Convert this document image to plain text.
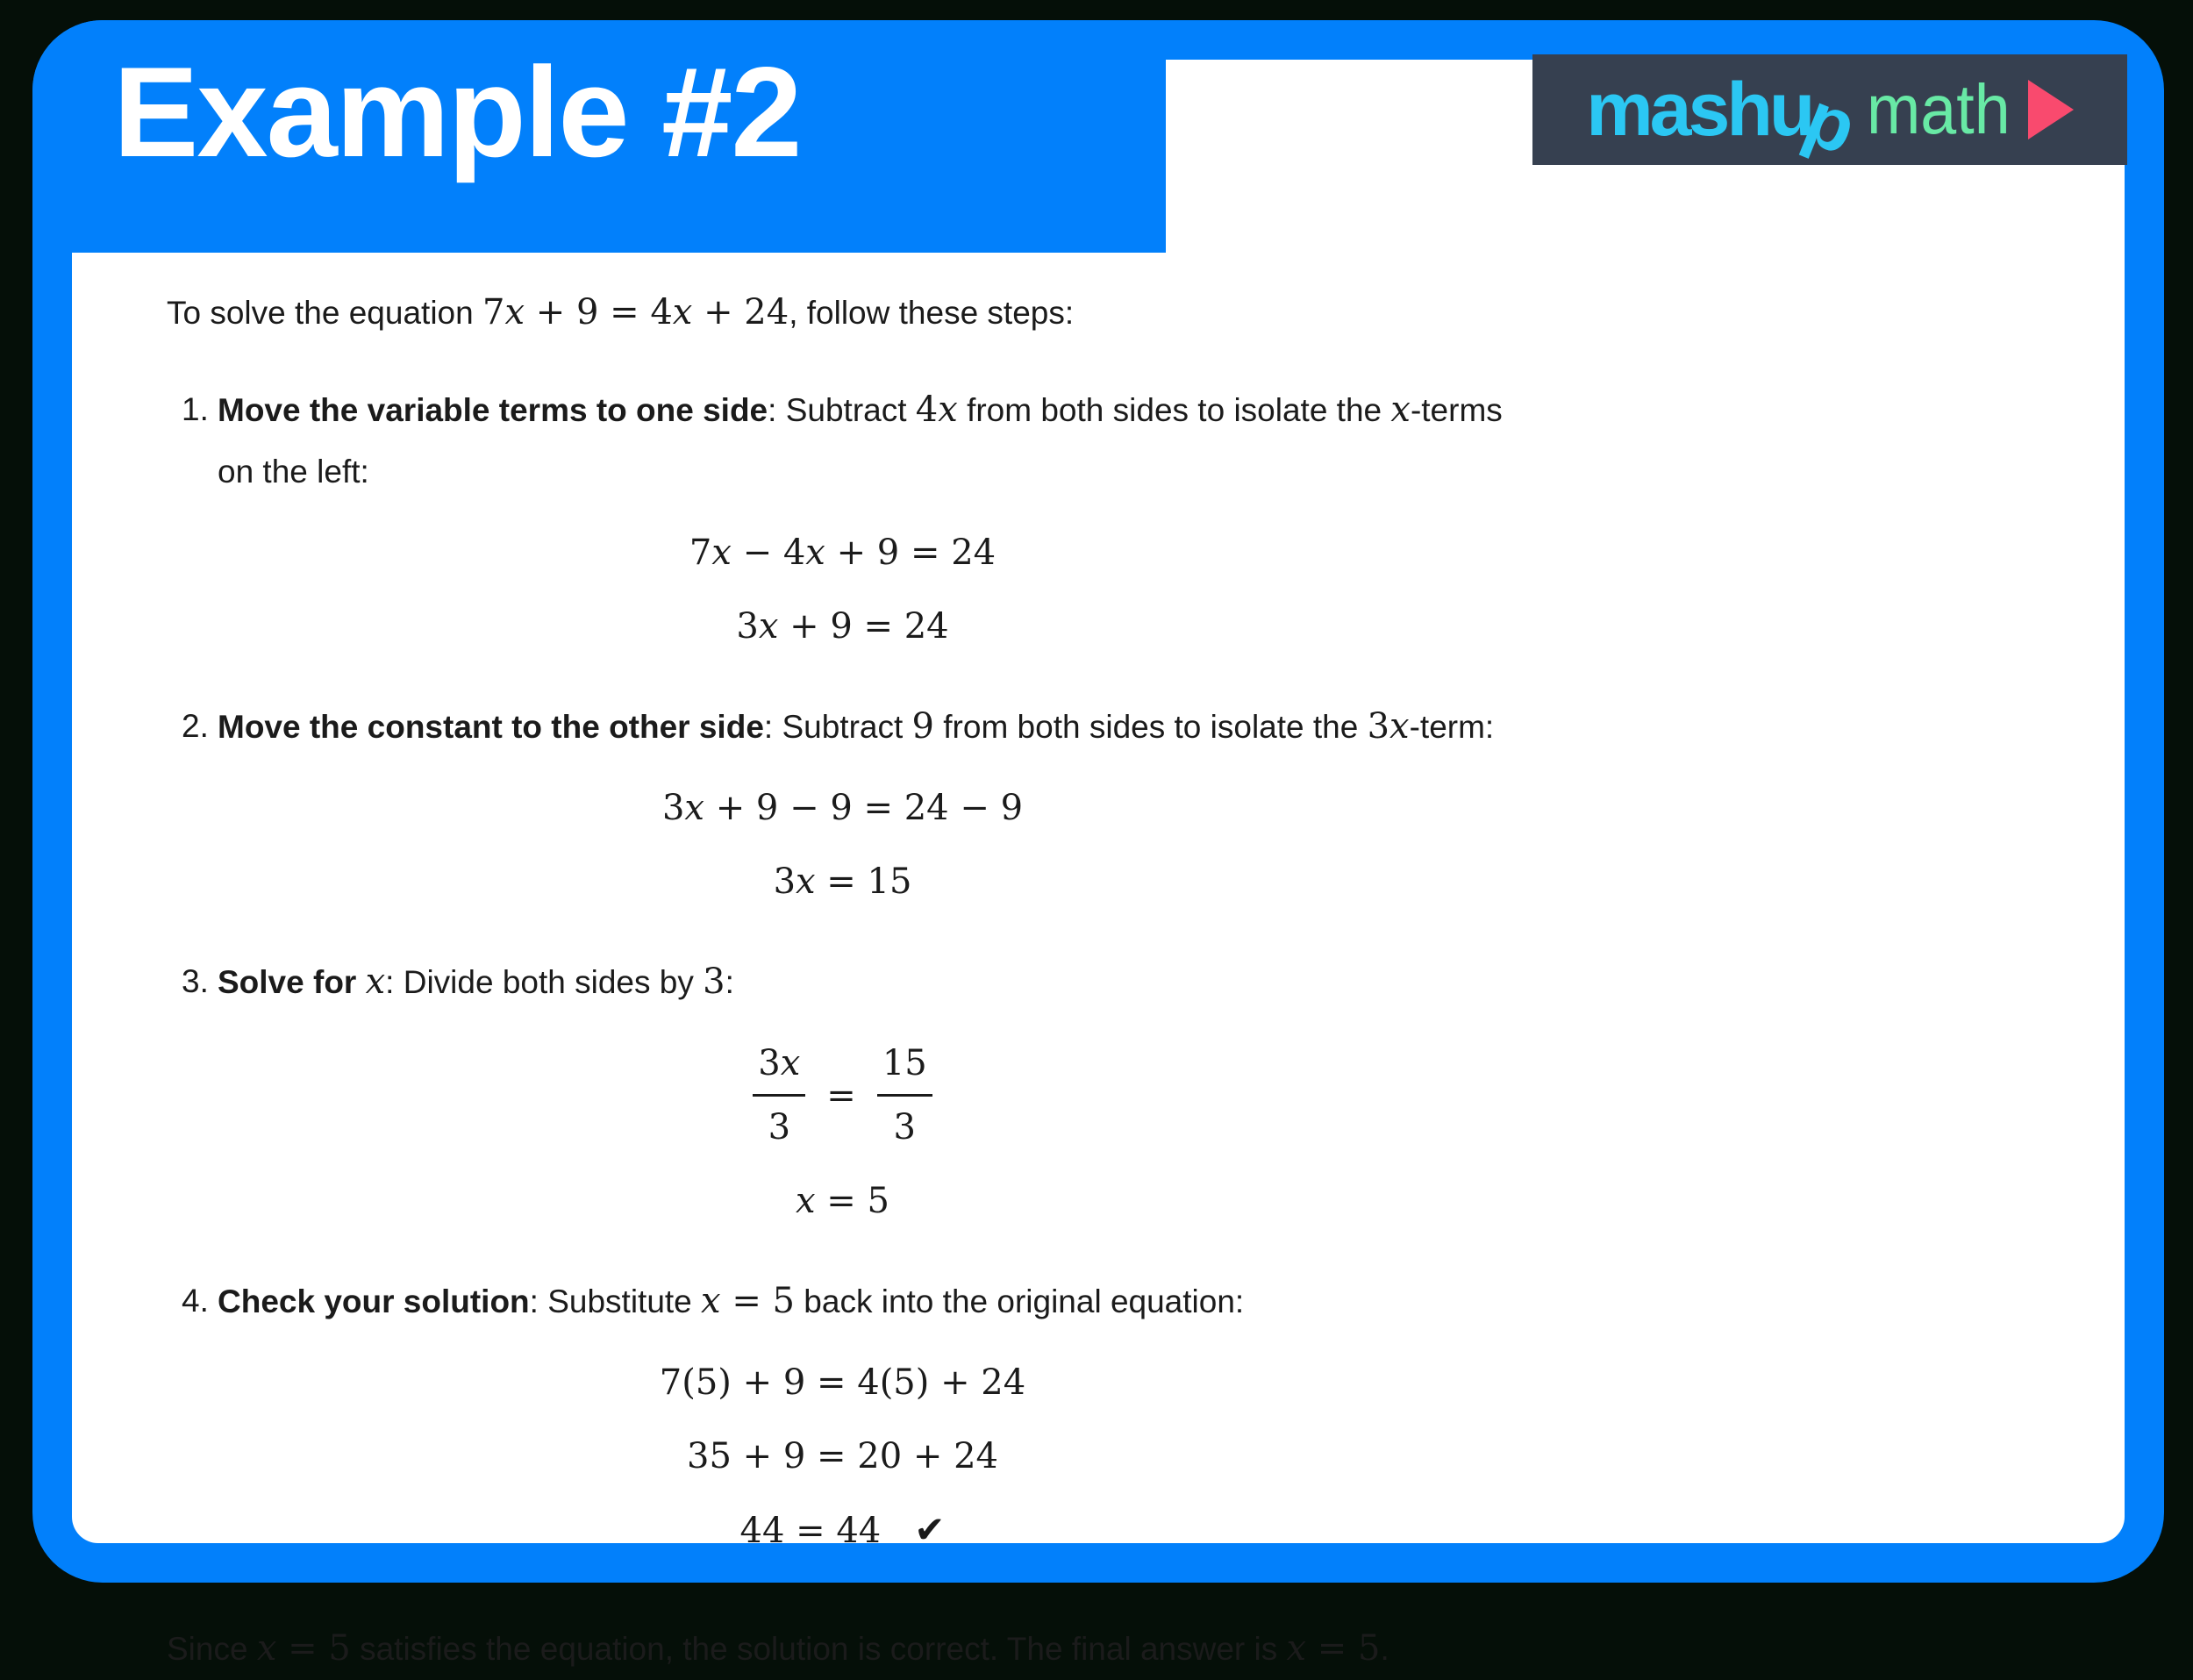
Example #2	mashu
p
math

To solve the equation 7x + 9 = 4x + 24, follow these steps:

1. Move the variable terms to one side: Subtract 4x from both sides to isolate the x-terms on the left:

7x − 4x + 9 = 24
3x + 9 = 24
2. Move the constant to the other side: Subtract 9 from both sides to isolate the 3x-term:

3x + 9 − 9 = 24 − 9
3x = 15
3. Solve for x: Divide both sides by 3:

$\frac{3x}{3} = \frac{15}{3}$
x = 5
4. Check your solution: Substitute x = 5 back into the original equation:

7(5) + 9 = 4(5) + 24
35 + 9 = 20 + 24
44 = 44 ✔

Since x = 5 satisfies the equation, the solution is correct. The final answer is x = 5.
